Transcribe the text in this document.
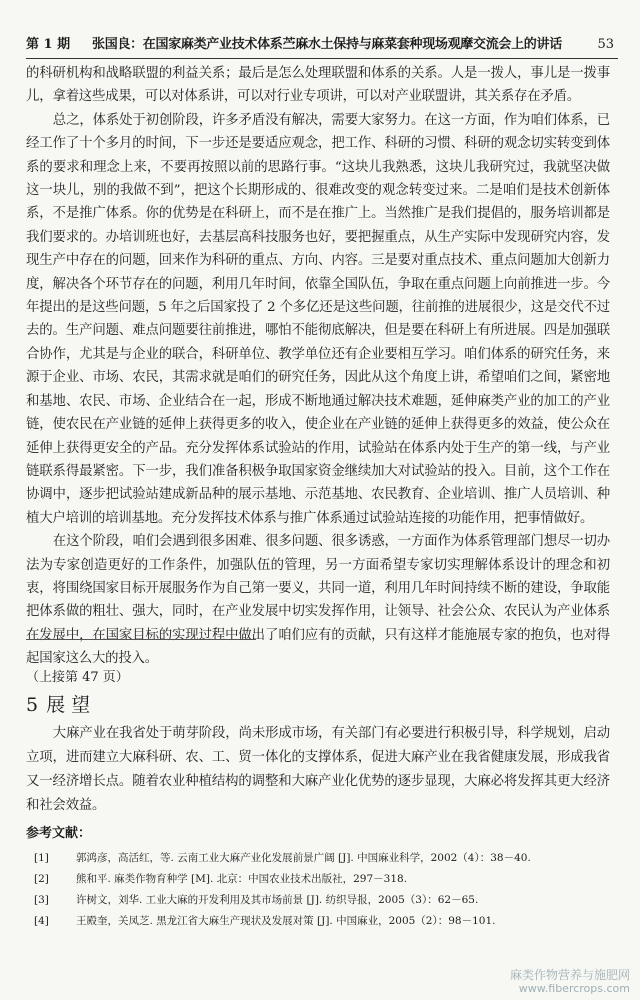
第 1 期 张国良：在国家麻类产业技术体系苎麻水土保持与麻菜套种现场观摩交流会上的讲话	53

的科研机构和战略联盟的利益关系；最后是怎么处理联盟和体系的关系。人是一拨人，事儿是一拨事儿，拿着这些成果，可以对体系讲，可以对行业专项讲，可以对产业联盟讲，其关系存在矛盾。

总之，体系处于初创阶段，许多矛盾没有解决，需要大家努力。在这一方面，作为咱们体系，已经工作了十个多月的时间，下一步还是要适应观念，把工作、科研的习惯、科研的观念切实转变到体系的要求和理念上来，不要再按照以前的思路行事。“这块儿我熟悉，这块儿我研究过，我就坚决做这一块儿，别的我做不到”，把这个长期形成的、很难改变的观念转变过来。二是咱们是技术创新体系，不是推广体系。你的优势是在科研上，而不是在推广上。当然推广是我们提倡的，服务培训都是我们要求的。办培训班也好，去基层高科技服务也好，要把握重点，从生产实际中发现研究内容，发现生产中存在的问题，回来作为科研的重点、方向、内容。三是要对重点技术、重点问题加大创新力度，解决各个环节存在的问题，利用几年时间，依靠全国队伍，争取在重点问题上向前推进一步。今年提出的是这些问题，5 年之后国家投了 2 个多亿还是这些问题，往前推的进展很少，这是交代不过去的。生产问题、难点问题要往前推进，哪怕不能彻底解决，但是要在科研上有所进展。四是加强联合协作，尤其是与企业的联合，科研单位、教学单位还有企业要相互学习。咱们体系的研究任务，来源于企业、市场、农民，其需求就是咱们的研究任务，因此从这个角度上讲，希望咱们之间，紧密地和基地、农民、市场、企业结合在一起，形成不断地通过解决技术难题，延伸麻类产业的加工的产业链，使农民在产业链的延伸上获得更多的收入，使企业在产业链的延伸上获得更多的效益，使公众在延伸上获得更安全的产品。充分发挥体系试验站的作用，试验站在体系内处于生产的第一线，与产业链联系得最紧密。下一步，我们准备积极争取国家资金继续加大对试验站的投入。目前，这个工作在协调中，逐步把试验站建成新品种的展示基地、示范基地、农民教育、企业培训、推广人员培训、种植大户培训的培训基地。充分发挥技术体系与推广体系通过试验站连接的功能作用，把事情做好。

在这个阶段，咱们会遇到很多困难、很多问题、很多诱惑，一方面作为体系管理部门想尽一切办法为专家创造更好的工作条件，加强队伍的管理，另一方面希望专家切实理解体系设计的理念和初衷，将围绕国家目标开展服务作为自己第一要义，共同一道，利用几年时间持续不断的建设，争取能把体系做的粗壮、强大，同时，在产业发展中切实发挥作用，让领导、社会公众、农民认为产业体系在发展中，在国家目标的实现过程中做出了咱们应有的贡献，只有这样才能施展专家的抱负，也对得起国家这么大的投入。

（上接第 47 页）
5 展望

大麻产业在我省处于萌芽阶段，尚未形成市场，有关部门有必要进行积极引导，科学规划，启动立项，进而建立大麻科研、农、工、贸一体化的支撑体系，促进大麻产业在我省健康发展，形成我省又一经济增长点。随着农业种植结构的调整和大麻产业化优势的逐步显现，大麻必将发挥其更大经济和社会效益。

参考文献：
[1]	郭鸿彦，高活红，等. 云南工业大麻产业化发展前景广阔 [J]. 中国麻业科学，2002（4）：38－40.
[2]	熊和平. 麻类作物育种学 [M]. 北京：中国农业技术出版社，297－318.
[3]	许树文，刘华. 工业大麻的开发利用及其市场前景 [J]. 纺织导报，2005（3）：62－65.
[4]	王殿奎，关凤芝. 黑龙江省大麻生产现状及发展对策 [J]. 中国麻业，2005（2）：98－101.
麻类作物营养与施肥网
www.fibercrops.com
